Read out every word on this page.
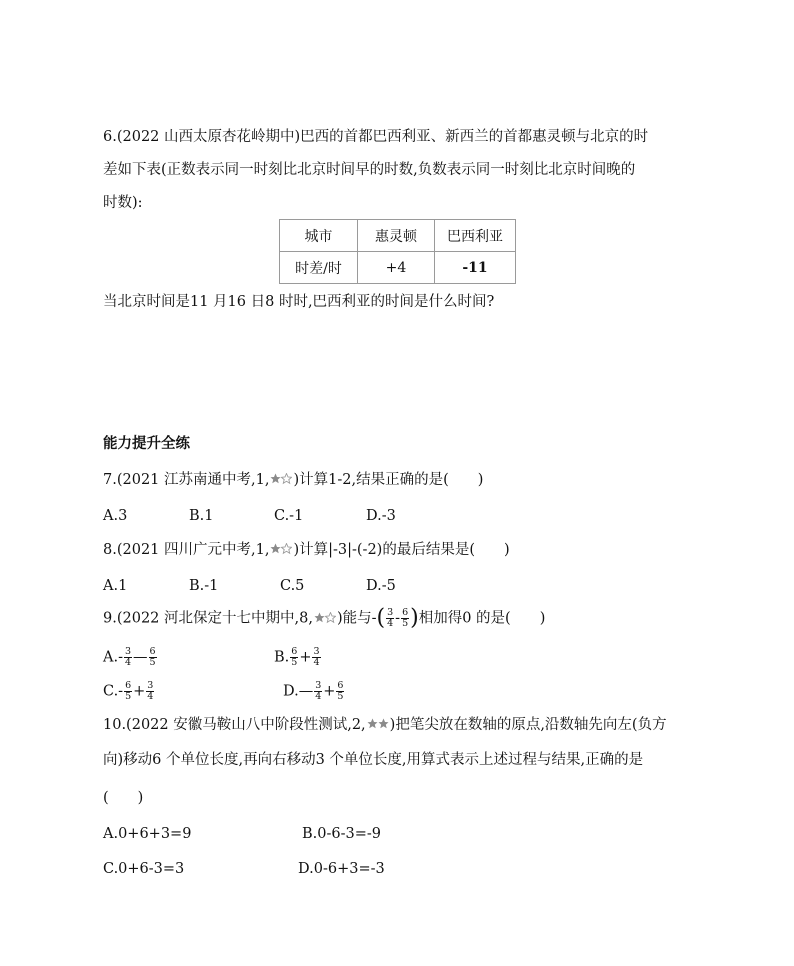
6.(2022 山西太原杏花岭期中)巴西的首都巴西利亚、新西兰的首都惠灵顿与北京的时
差如下表(正数表示同一时刻比北京时间早的时数,负数表示同一时刻比北京时间晚的
时数):
城市	惠灵顿	巴西利亚
时差/时	+4	-11
当北京时间是11 月16 日8 时时,巴西利亚的时间是什么时间?
能力提升全练
7.(2021 江苏南通中考,1, )计算1-2,结果正确的是(　　)
A.3	B.1	C.-1	D.-3
8.(2021 四川广元中考,1, )计算|-3|-(-2)的最后结果是(　　)
A.1	B.-1	C.5	D.-5
9.(2022 河北保定十七中期中,8, )能与-( $\frac{3}{4} - \frac{6}{5}$ )相加得0 的是(　　)
$A.- \frac{3}{4}$ — $\frac{6}{5}$	B. $\frac{6}{5} + \frac{3}{4}$
$C.- \frac{6}{5} + \frac{3}{4}$	D.— $\frac{3}{4} + \frac{6}{5}$
10.(2022 安徽马鞍山八中阶段性测试,2, )把笔尖放在数轴的原点,沿数轴先向左(负方
向)移动6 个单位长度,再向右移动3 个单位长度,用算式表示上述过程与结果,正确的是
(　　)
A.0+6+3=9	B.0-6-3=-9
C.0+6-3=3	D.0-6+3=-3
